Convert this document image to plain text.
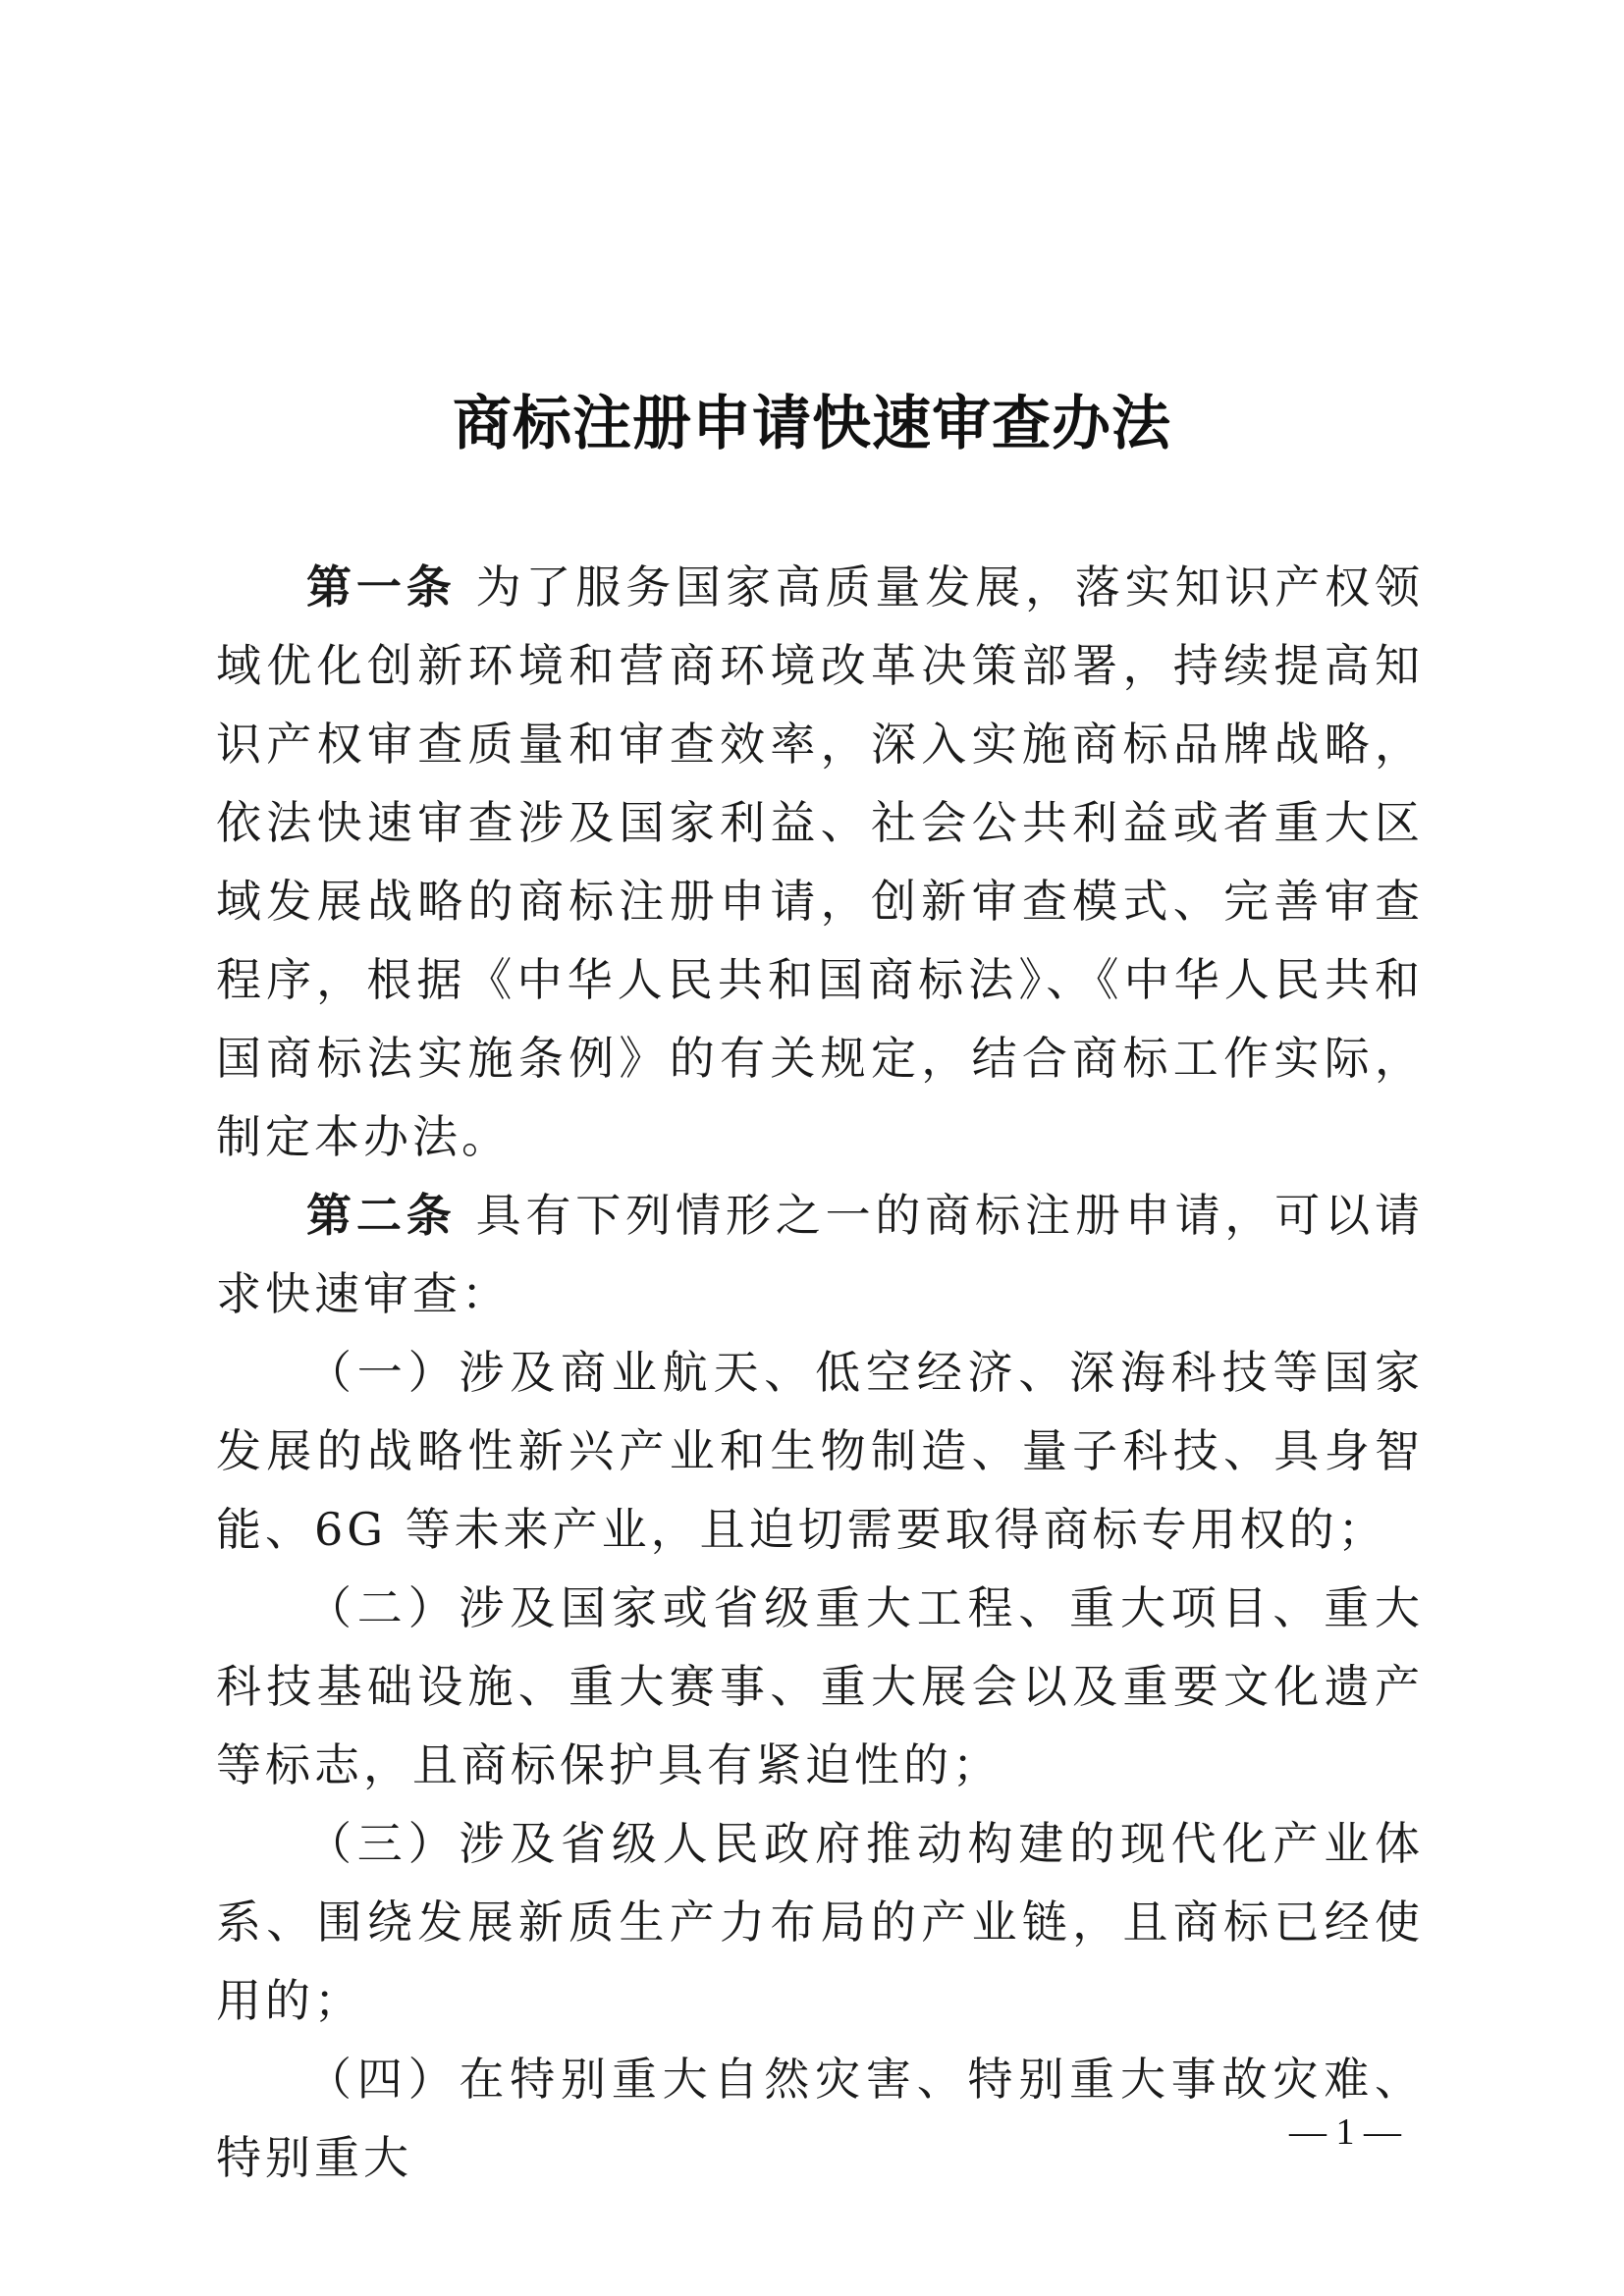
商标注册申请快速审查办法

第一条 为了服务国家高质量发展，落实知识产权领域优化创新环境和营商环境改革决策部署，持续提高知识产权审查质量和审查效率，深入实施商标品牌战略，依法快速审查涉及国家利益、社会公共利益或者重大区域发展战略的商标注册申请，创新审查模式、完善审查程序，根据《中华人民共和国商标法》、《中华人民共和国商标法实施条例》的有关规定，结合商标工作实际，制定本办法。

第二条 具有下列情形之一的商标注册申请，可以请求快速审查：

（一）涉及商业航天、低空经济、深海科技等国家发展的战略性新兴产业和生物制造、量子科技、具身智能、6G 等未来产业，且迫切需要取得商标专用权的；

（二）涉及国家或省级重大工程、重大项目、重大科技基础设施、重大赛事、重大展会以及重要文化遗产等标志，且商标保护具有紧迫性的；

（三）涉及省级人民政府推动构建的现代化产业体系、围绕发展新质生产力布局的产业链，且商标已经使用的；

（四）在特别重大自然灾害、特别重大事故灾难、特别重大	— 1 —
